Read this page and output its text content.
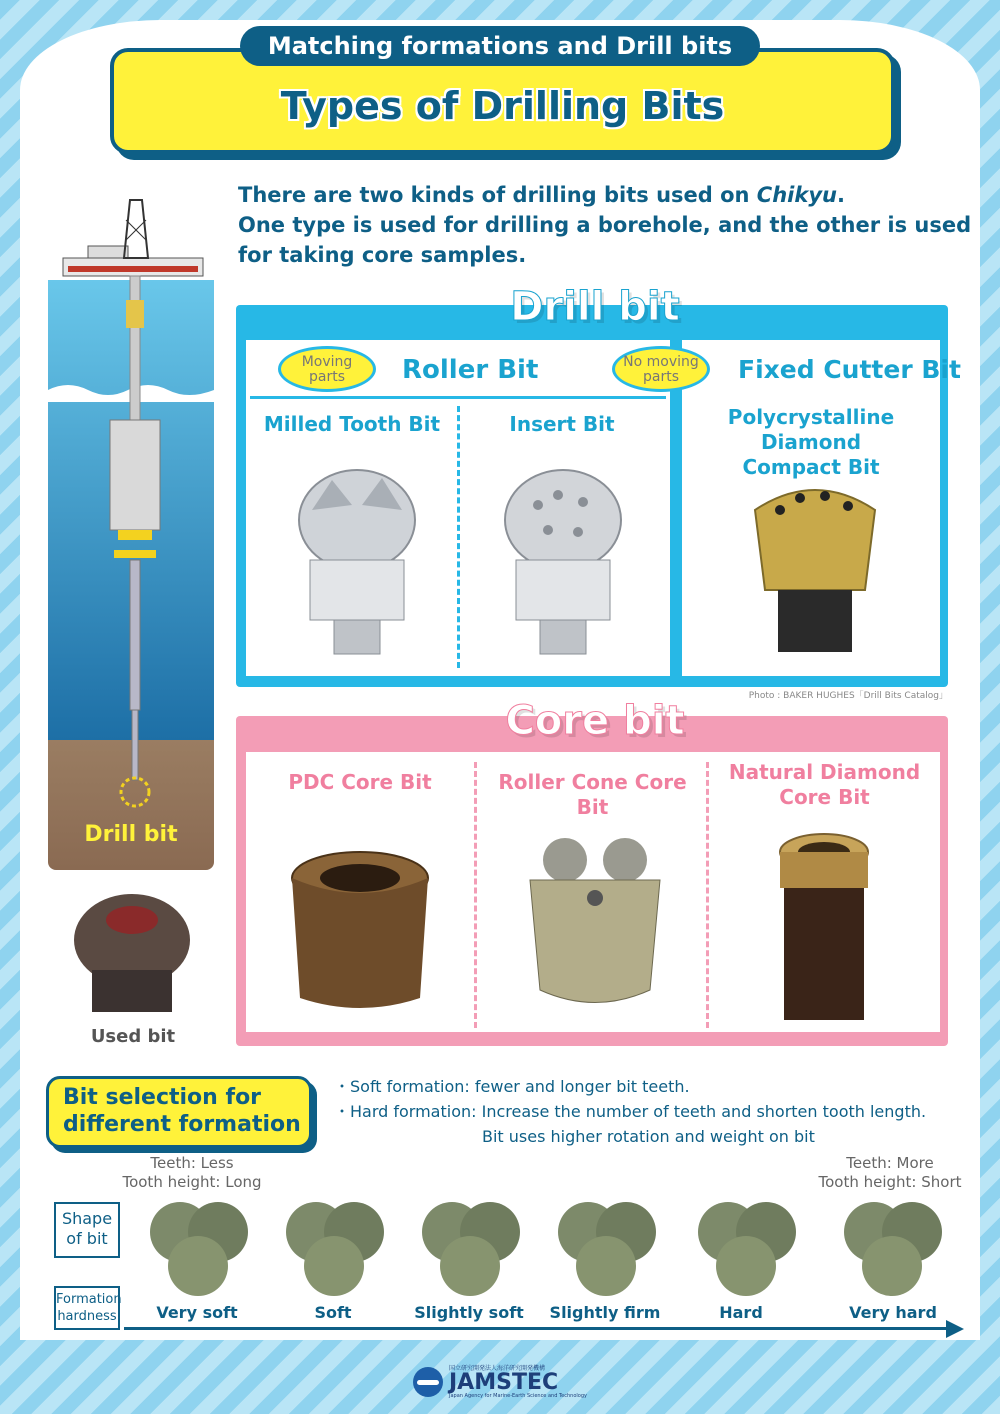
Matching formations and Drill bits
Types of Drilling Bits
Drill bit
Used bit
There are two kinds of drilling bits used on Chikyu.
One type is used for drilling a borehole, and the other is used
for taking core samples.
Drill bit
Moving
parts	Roller Bit	No moving
parts	Fixed Cutter Bit
Milled Tooth Bit	Insert Bit	Polycrystalline Diamond
Compact Bit
Photo : BAKER HUGHES「Drill Bits Catalog」
Core bit
PDC Core Bit	Roller Cone Core Bit
Natural Diamond
Core Bit
Bit selection for
different formation
・Soft formation: fewer and longer bit teeth.
・Hard formation: Increase the number of teeth and shorten tooth length.
Bit uses higher rotation and weight on bit
Teeth: Less
Tooth height: Long
Teeth: More
Tooth height: Short
Shape
of bit
Formation
hardness	Very soft	Soft	Slightly soft	Slightly firm	Hard	Very hard
国立研究開発法人海洋研究開発機構
JAMSTEC
Japan Agency for Marine-Earth Science and Technology
